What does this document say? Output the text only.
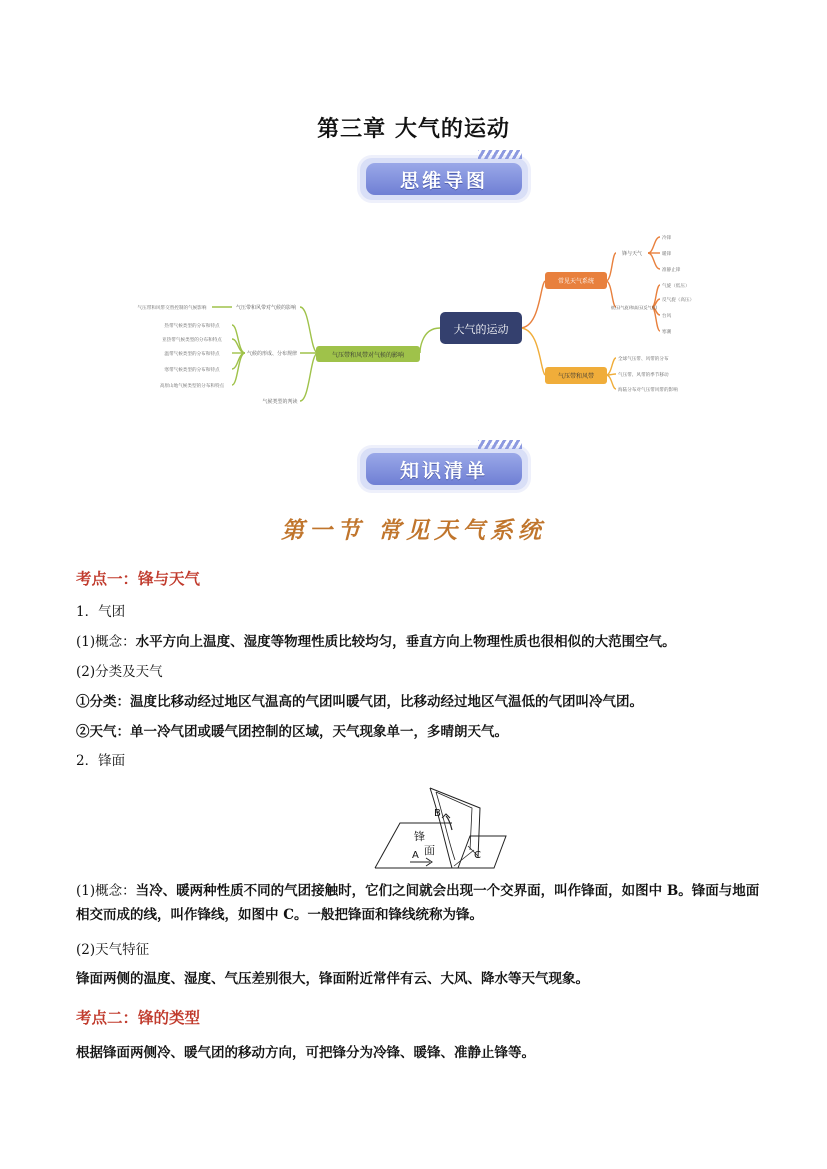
第三章 大气的运动
思维导图
大气的运动
气压带和风带对气候的影响
气压带和风带对气候的影响
气候的形成、分布规律
气候类型的判读
气压带和风带交替控制的气候影响
热带气候类型的分布和特点
亚热带气候类型的分布和特点
温带气候类型的分布和特点
寒带气候类型的分布和特点
高原山地气候类型的分布和特点
常见天气系统
锋与天气
低压(气旋)和高压(反气旋)
冷锋
暖锋
准静止锋
气旋（低压）
反气旋（高压）
台风
寒潮
气压带和风带
全球气压带、风带的分布
气压带、风带的季节移动
海陆分布对气压带风带的影响
知识清单
第一节 常见天气系统
考点一：锋与天气
1．气团
(1)概念：水平方向上温度、湿度等物理性质比较均匀，垂直方向上物理性质也很相似的大范围空气。
(2)分类及天气
①分类：温度比移动经过地区气温高的气团叫暖气团，比移动经过地区气温低的气团叫冷气团。
②天气：单一冷气团或暖气团控制的区域，天气现象单一，多晴朗天气。
2．锋面
A
B
C
锋
面
(1)概念：当冷、暖两种性质不同的气团接触时，它们之间就会出现一个交界面，叫作锋面，如图中 B。锋面与地面相交而成的线，叫作锋线，如图中 C。一般把锋面和锋线统称为锋。
(2)天气特征
锋面两侧的温度、湿度、气压差别很大，锋面附近常伴有云、大风、降水等天气现象。
考点二：锋的类型
根据锋面两侧冷、暖气团的移动方向，可把锋分为冷锋、暖锋、准静止锋等。
